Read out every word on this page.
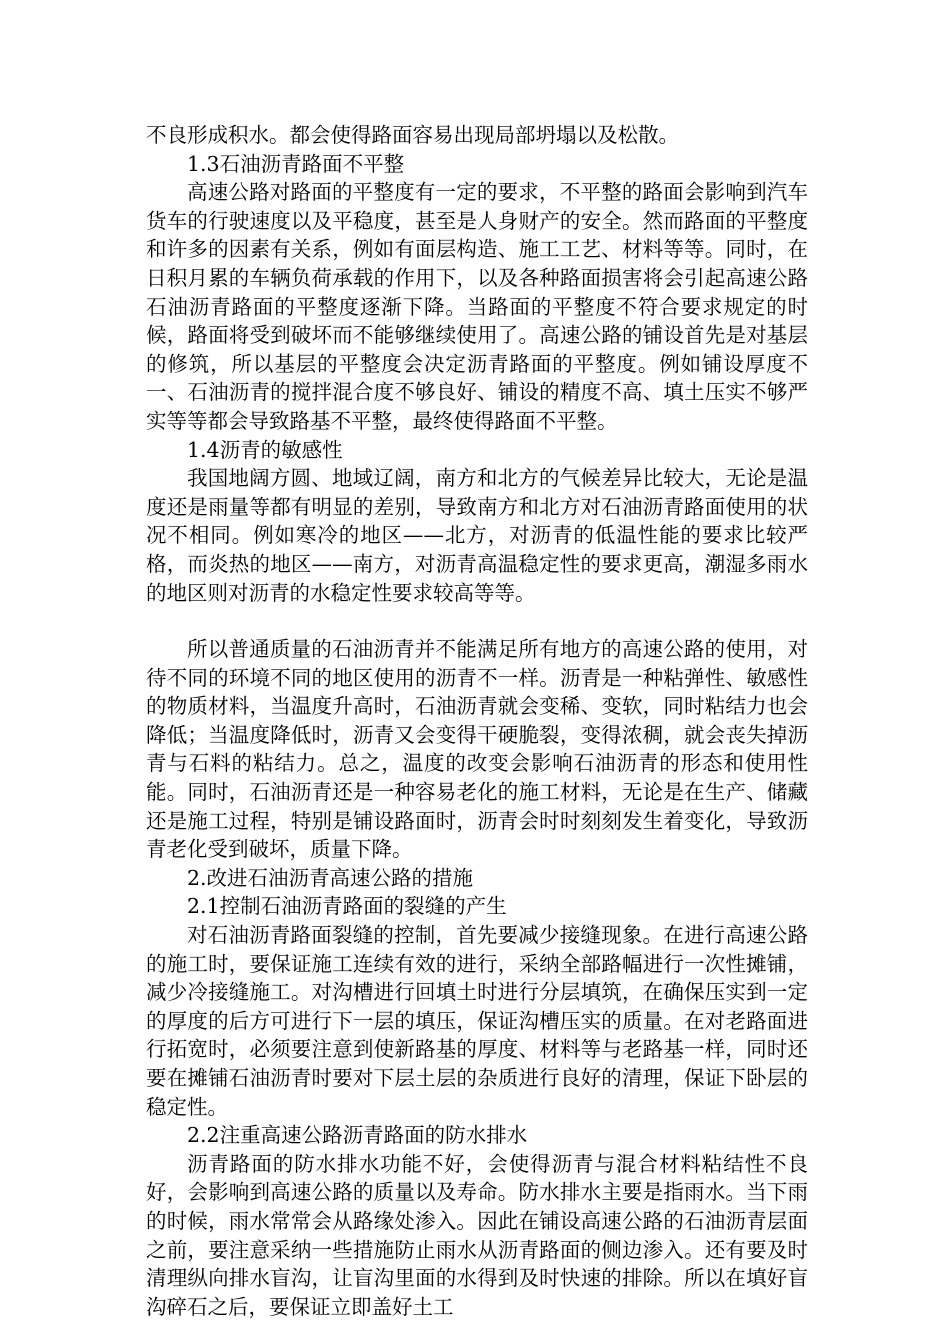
不良形成积水。都会使得路面容易出现局部坍塌以及松散。

1.3石油沥青路面不平整

高速公路对路面的平整度有一定的要求，不平整的路面会影响到汽车货车的行驶速度以及平稳度，甚至是人身财产的安全。然而路面的平整度和许多的因素有关系，例如有面层构造、施工工艺、材料等等。同时，在日积月累的车辆负荷承载的作用下，以及各种路面损害将会引起高速公路石油沥青路面的平整度逐渐下降。当路面的平整度不符合要求规定的时候，路面将受到破坏而不能够继续使用了。高速公路的铺设首先是对基层的修筑，所以基层的平整度会决定沥青路面的平整度。例如铺设厚度不一、石油沥青的搅拌混合度不够良好、铺设的精度不高、填土压实不够严实等等都会导致路基不平整，最终使得路面不平整。

1.4沥青的敏感性

我国地阔方圆、地域辽阔，南方和北方的气候差异比较大，无论是温度还是雨量等都有明显的差别，导致南方和北方对石油沥青路面使用的状况不相同。例如寒冷的地区——北方，对沥青的低温性能的要求比较严格，而炎热的地区——南方，对沥青高温稳定性的要求更高，潮湿多雨水的地区则对沥青的水稳定性要求较高等等。

所以普通质量的石油沥青并不能满足所有地方的高速公路的使用，对待不同的环境不同的地区使用的沥青不一样。沥青是一种粘弹性、敏感性的物质材料，当温度升高时，石油沥青就会变稀、变软，同时粘结力也会降低；当温度降低时，沥青又会变得干硬脆裂，变得浓稠，就会丧失掉沥青与石料的粘结力。总之，温度的改变会影响石油沥青的形态和使用性能。同时，石油沥青还是一种容易老化的施工材料，无论是在生产、储藏还是施工过程，特别是铺设路面时，沥青会时时刻刻发生着变化，导致沥青老化受到破坏，质量下降。

2.改进石油沥青高速公路的措施

2.1控制石油沥青路面的裂缝的产生

对石油沥青路面裂缝的控制，首先要减少接缝现象。在进行高速公路的施工时，要保证施工连续有效的进行，采纳全部路幅进行一次性摊铺，减少冷接缝施工。对沟槽进行回填土时进行分层填筑，在确保压实到一定的厚度的后方可进行下一层的填压，保证沟槽压实的质量。在对老路面进行拓宽时，必须要注意到使新路基的厚度、材料等与老路基一样，同时还要在摊铺石油沥青时要对下层土层的杂质进行良好的清理，保证下卧层的稳定性。

2.2注重高速公路沥青路面的防水排水

沥青路面的防水排水功能不好，会使得沥青与混合材料粘结性不良好，会影响到高速公路的质量以及寿命。防水排水主要是指雨水。当下雨的时候，雨水常常会从路缘处渗入。因此在铺设高速公路的石油沥青层面之前，要注意采纳一些措施防止雨水从沥青路面的侧边渗入。还有要及时清理纵向排水盲沟，让盲沟里面的水得到及时快速的排除。所以在填好盲沟碎石之后，要保证立即盖好土工
